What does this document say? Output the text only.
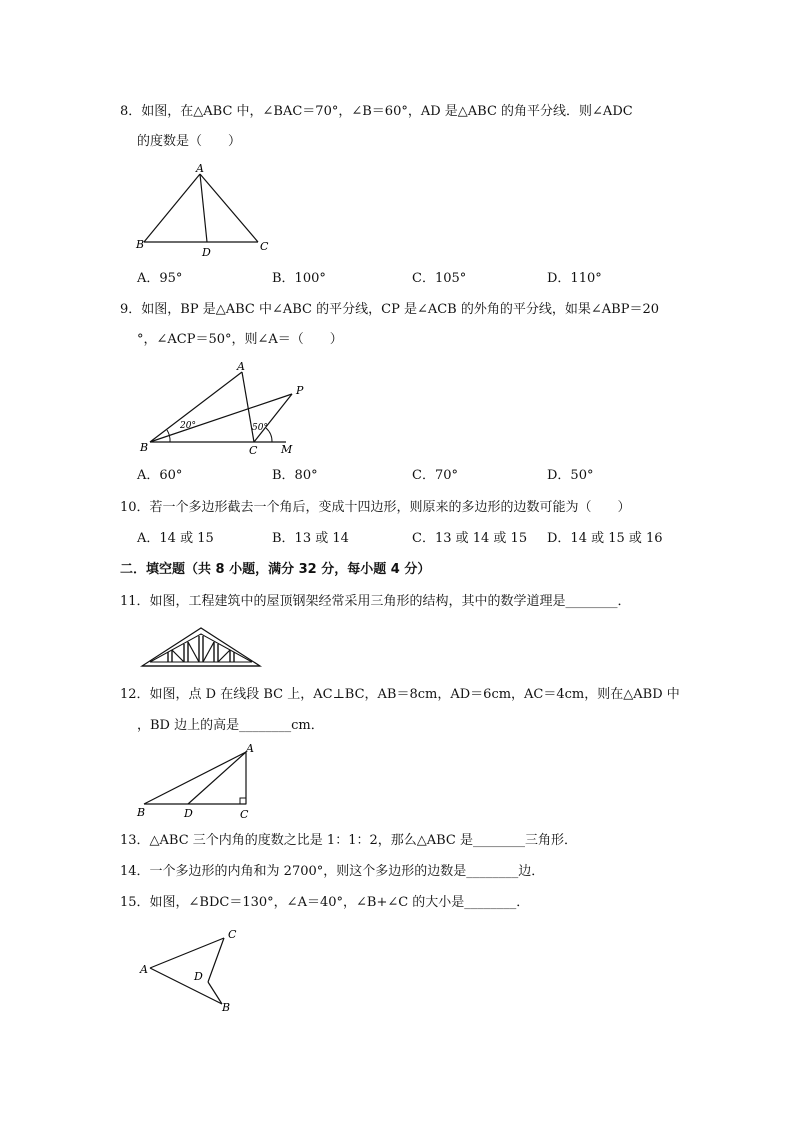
8．如图，在△ABC 中，∠BAC＝70°，∠B＝60°，AD 是△ABC 的角平分线．则∠ADC
的度数是（　　）
A
B	C
D
A．95°	B．100°	C．105°	D．110°
9．如图，BP 是△ABC 中∠ABC 的平分线，CP 是∠ACB 的外角的平分线，如果∠ABP＝20
°，∠ACP＝50°，则∠A＝（　　）
A
B	C
P
M
20°	50°
A．60°	B．80°	C．70°	D．50°
10．若一个多边形截去一个角后，变成十四边形，则原来的多边形的边数可能为（　　）
A．14 或 15	B．13 或 14	C．13 或 14 或 15 D．14 或 15 或 16
二．填空题（共 8 小题，满分 32 分，每小题 4 分）
11．如图，工程建筑中的屋顶钢架经常采用三角形的结构，其中的数学道理是________．
12．如图，点 D 在线段 BC 上，AC⊥BC，AB＝8cm，AD＝6cm，AC＝4cm，则在△ABD 中
，BD 边上的高是________cm．
A
B	C
D
13．△ABC 三个内角的度数之比是 1：1：2，那么△ABC 是________三角形．
14．一个多边形的内角和为 2700°，则这个多边形的边数是________边．
15．如图，∠BDC＝130°，∠A＝40°，∠B+∠C 的大小是________．
A
B
C
D
